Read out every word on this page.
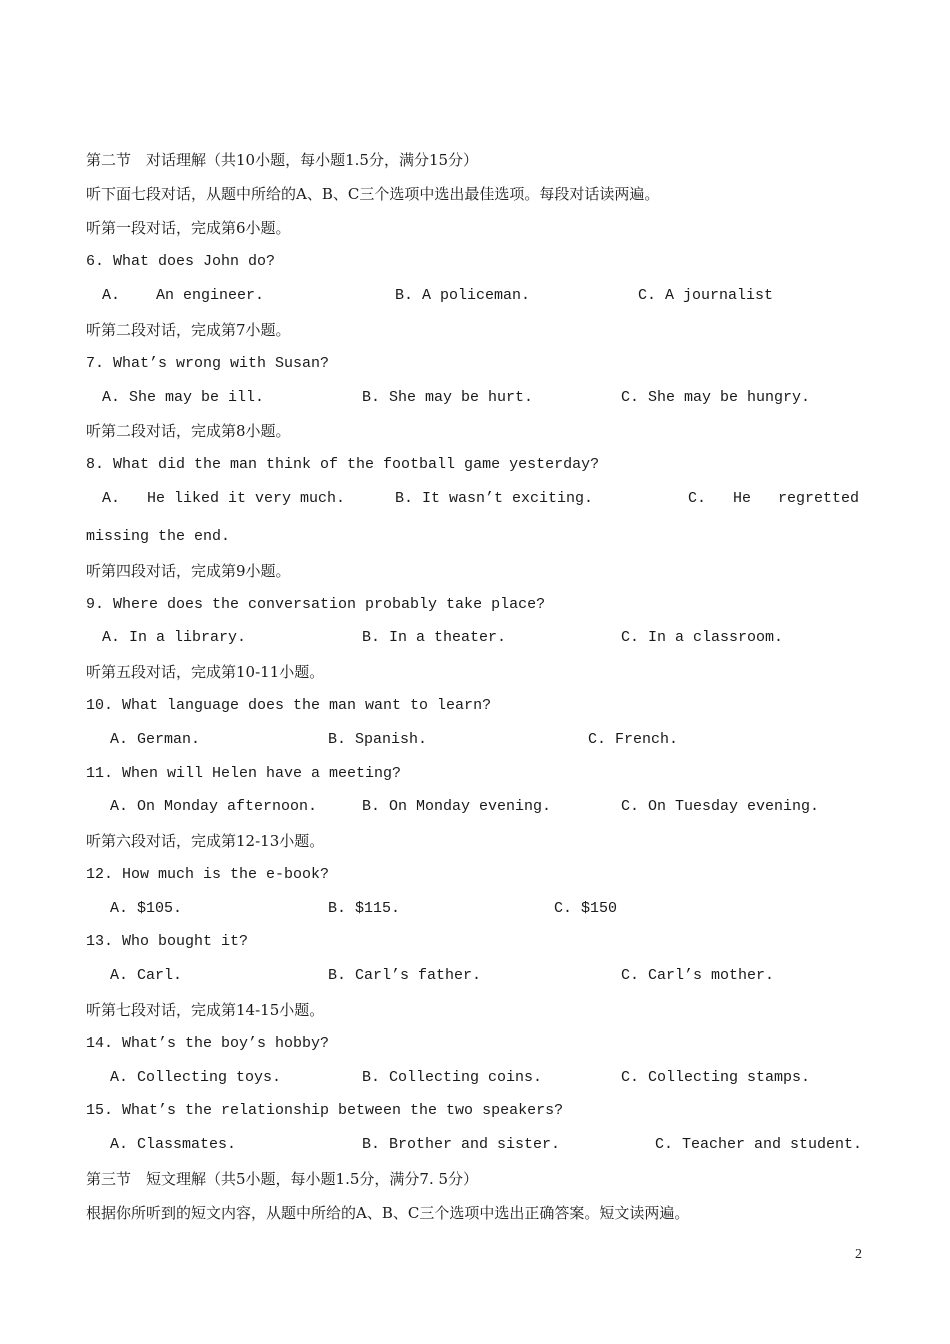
第二节　对话理解（共10小题，每小题1.5分，满分15分）
听下面七段对话，从题中所给的A、B、C三个选项中选出最佳选项。每段对话读两遍。
听第一段对话，完成第6小题。
6. What does John do?
A.    An engineer.	B. A policeman.	C. A journalist
听第二段对话，完成第7小题。
7. What’s wrong with Susan?
A. She may be ill.	B. She may be hurt.	C. She may be hungry.
听第二段对话，完成第8小题。
8. What did the man think of the football game yesterday?
A.   He liked it very much.	B. It wasn’t exciting.	C.   He   regretted
missing the end.
听第四段对话，完成第9小题。
9. Where does the conversation probably take place?
A. In a library.	B. In a theater.	C. In a classroom.
听第五段对话，完成第10-11小题。
10. What language does the man want to learn?
A. German.	B. Spanish.	C. French.
11. When will Helen have a meeting?
A. On Monday afternoon.	B. On Monday evening.	C. On Tuesday evening.
听第六段对话，完成第12-13小题。
12. How much is the e-book?
A. $105.	B. $115.	C. $150
13. Who bought it?
A. Carl.	B. Carl’s father.	C. Carl’s mother.
听第七段对话，完成第14-15小题。
14. What’s the boy’s hobby?
A. Collecting toys.	B. Collecting coins.	C. Collecting stamps.
15. What’s the relationship between the two speakers?
A. Classmates.	B. Brother and sister.	C. Teacher and student.
第三节　短文理解（共5小题，每小题1.5分，满分7. 5分）
根据你所听到的短文内容，从题中所给的A、B、C三个选项中选出正确答案。短文读两遍。
2
